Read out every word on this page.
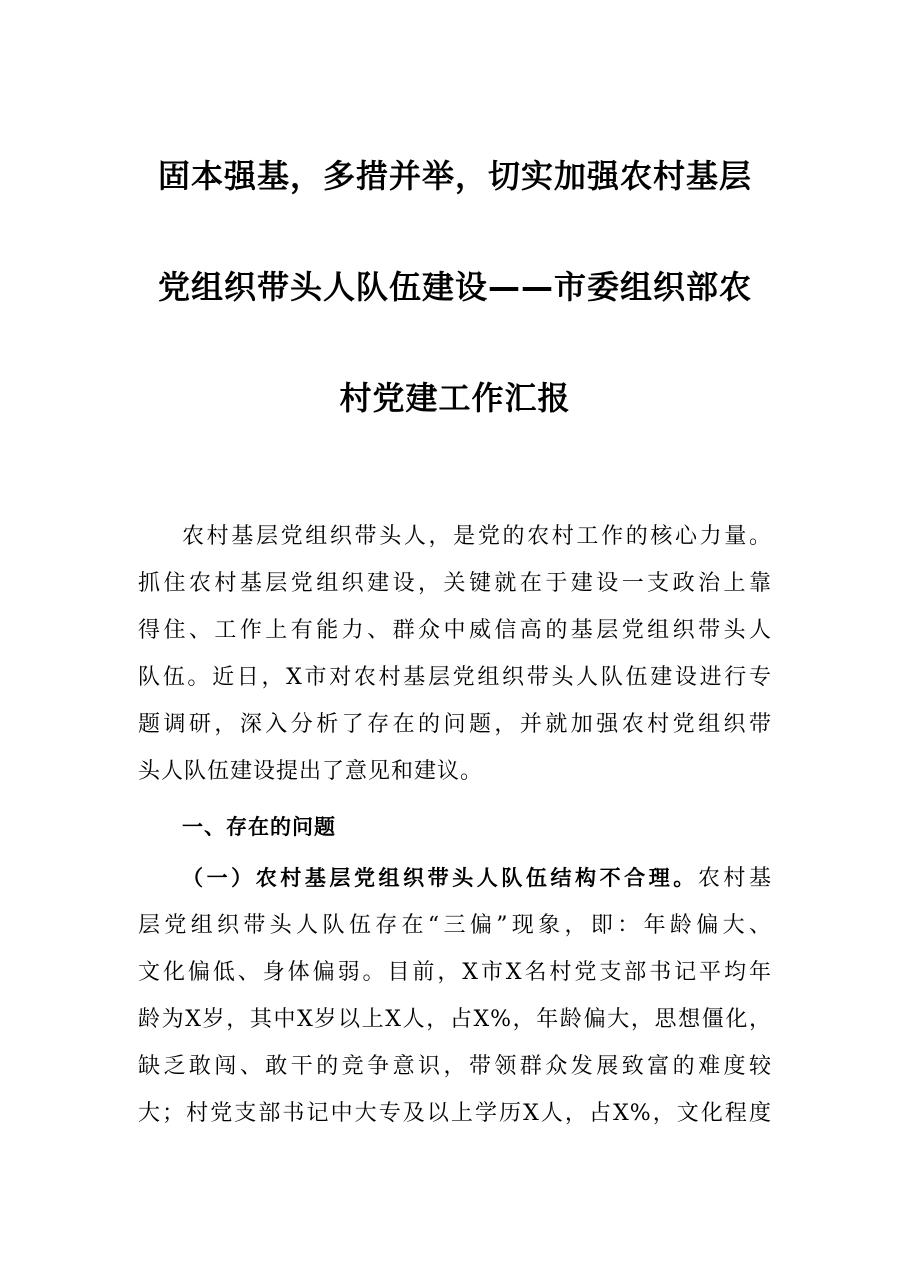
固本强基，多措并举，切实加强农村基层
党组织带头人队伍建设——市委组织部农
村党建工作汇报
农村基层党组织带头人，是党的农村工作的核心力量。
抓住农村基层党组织建设，关键就在于建设一支政治上靠
得住、工作上有能力、群众中威信高的基层党组织带头人
队伍。近日，X市对农村基层党组织带头人队伍建设进行专
题调研，深入分析了存在的问题，并就加强农村党组织带
头人队伍建设提出了意见和建议。
一、存在的问题
（一）农村基层党组织带头人队伍结构不合理。农村基
层党组织带头人队伍存在“三偏”现象，即：年龄偏大、
文化偏低、身体偏弱。目前，X市X名村党支部书记平均年
龄为X岁，其中X岁以上X人，占X%，年龄偏大，思想僵化，
缺乏敢闯、敢干的竞争意识，带领群众发展致富的难度较
大；村党支部书记中大专及以上学历X人，占X%，文化程度
